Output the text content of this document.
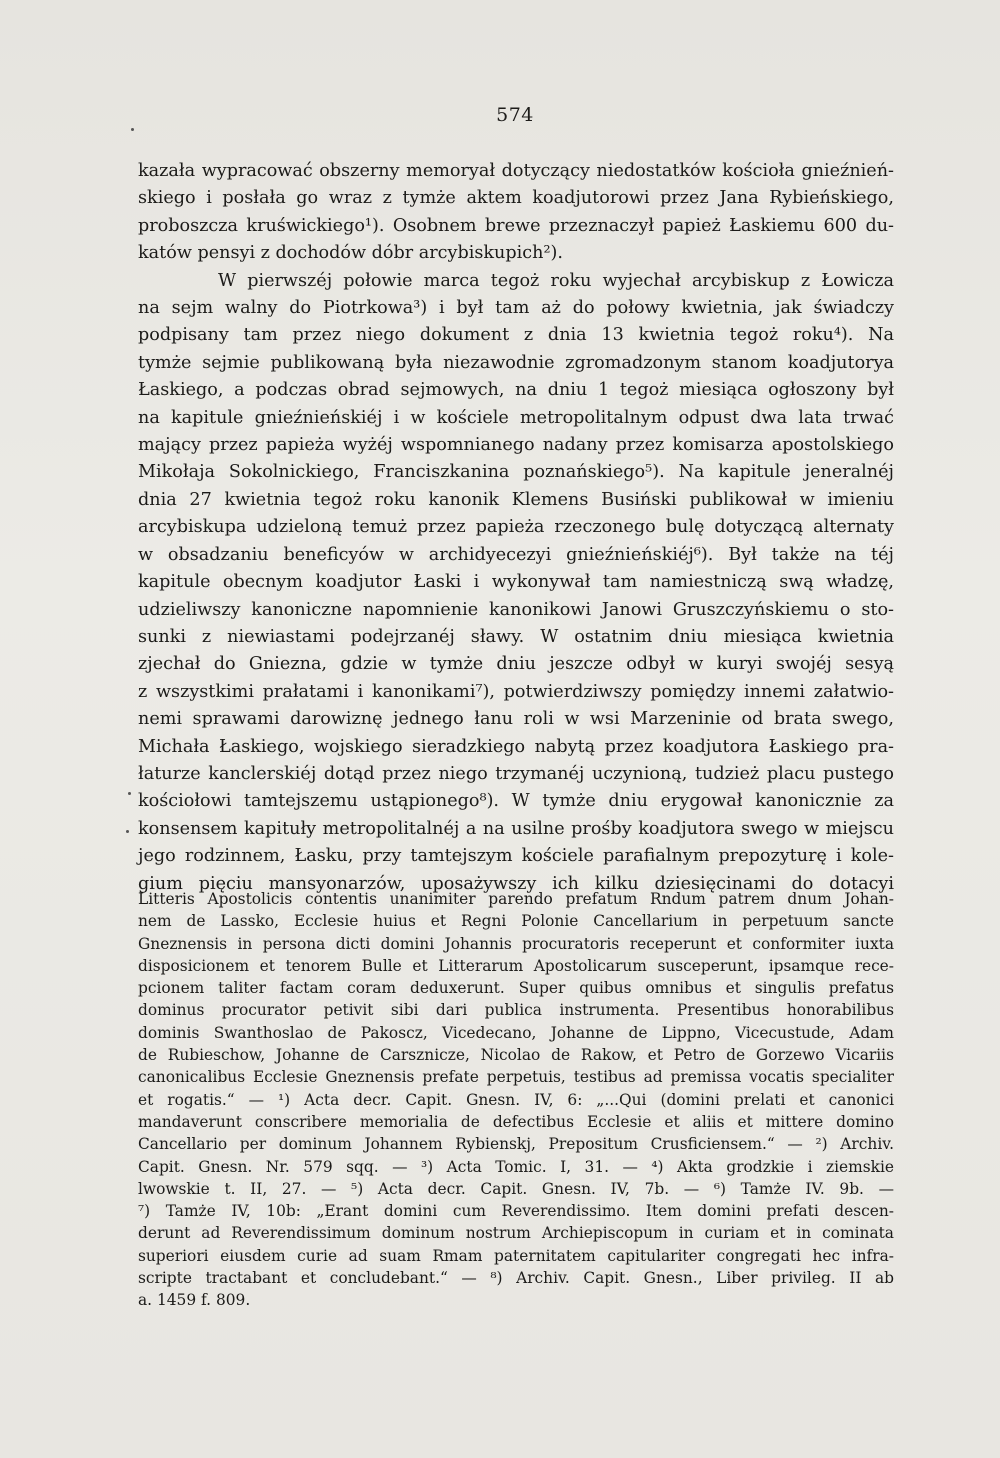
574
kazała wypracować obszerny memoryał dotyczący niedostatków kościoła gnieźnień-
skiego i posłała go wraz z tymże aktem koadjutorowi przez Jana Rybieńskiego,
proboszcza kruświckiego¹). Osobnem brewe przeznaczył papież Łaskiemu 600 du-
katów pensyi z dochodów dóbr arcybiskupich²).
W pierwszéj połowie marca tegoż roku wyjechał arcybiskup z Łowicza
na sejm walny do Piotrkowa³) i był tam aż do połowy kwietnia, jak świadczy
podpisany tam przez niego dokument z dnia 13 kwietnia tegoż roku⁴). Na
tymże sejmie publikowaną była niezawodnie zgromadzonym stanom koadjutorya
Łaskiego, a podczas obrad sejmowych, na dniu 1 tegoż miesiąca ogłoszony był
na kapitule gnieźnieńskiéj i w kościele metropolitalnym odpust dwa lata trwać
mający przez papieża wyżéj wspomnianego nadany przez komisarza apostolskiego
Mikołaja Sokolnickiego, Franciszkanina poznańskiego⁵). Na kapitule jeneralnéj
dnia 27 kwietnia tegoż roku kanonik Klemens Busiński publikował w imieniu
arcybiskupa udzieloną temuż przez papieża rzeczonego bulę dotyczącą alternaty
w obsadzaniu beneficyów w archidyecezyi gnieźnieńskiéj⁶). Był także na téj
kapitule obecnym koadjutor Łaski i wykonywał tam namiestniczą swą władzę,
udzieliwszy kanoniczne napomnienie kanonikowi Janowi Gruszczyńskiemu o sto-
sunki z niewiastami podejrzanéj sławy. W ostatnim dniu miesiąca kwietnia
zjechał do Gniezna, gdzie w tymże dniu jeszcze odbył w kuryi swojéj sesyą
z wszystkimi prałatami i kanonikami⁷), potwierdziwszy pomiędzy innemi załatwio-
nemi sprawami darowiznę jednego łanu roli w wsi Marzeninie od brata swego,
Michała Łaskiego, wojskiego sieradzkiego nabytą przez koadjutora Łaskiego pra-
łaturze kanclerskiéj dotąd przez niego trzymanéj uczynioną, tudzież placu pustego
kościołowi tamtejszemu ustąpionego⁸). W tymże dniu erygował kanonicznie za
konsensem kapituły metropolitalnéj a na usilne prośby koadjutora swego w miejscu
jego rodzinnem, Łasku, przy tamtejszym kościele parafialnym prepozyturę i kole-
gium pięciu mansyonarzów, uposażywszy ich kilku dziesięcinami do dotacyi
Litteris Apostolicis contentis unanimiter parendo prefatum Rndum patrem dnum Johan-
nem de Lassko, Ecclesie huius et Regni Polonie Cancellarium in perpetuum sancte
Gneznensis in persona dicti domini Johannis procuratoris receperunt et conformiter iuxta
disposicionem et tenorem Bulle et Litterarum Apostolicarum susceperunt, ipsamque rece-
pcionem taliter factam coram deduxerunt. Super quibus omnibus et singulis prefatus
dominus procurator petivit sibi dari publica instrumenta. Presentibus honorabilibus
dominis Swanthoslao de Pakoscz, Vicedecano, Johanne de Lippno, Vicecustude, Adam
de Rubieschow, Johanne de Carsznicze, Nicolao de Rakow, et Petro de Gorzewo Vicariis
canonicalibus Ecclesie Gneznensis prefate perpetuis, testibus ad premissa vocatis specialiter
et rogatis.“ — ¹) Acta decr. Capit. Gnesn. IV, 6: „...Qui (domini prelati et canonici
mandaverunt conscribere memorialia de defectibus Ecclesie et aliis et mittere domino
Cancellario per dominum Johannem Rybienskj, Prepositum Crusficiensem.“ — ²) Archiv.
Capit. Gnesn. Nr. 579 sqq. — ³) Acta Tomic. I, 31. — ⁴) Akta grodzkie i ziemskie
lwowskie t. II, 27. — ⁵) Acta decr. Capit. Gnesn. IV, 7b. — ⁶) Tamże IV. 9b. —
⁷) Tamże IV, 10b: „Erant domini cum Reverendissimo. Item domini prefati descen-
derunt ad Reverendissimum dominum nostrum Archiepiscopum in curiam et in cominata
superiori eiusdem curie ad suam Rmam paternitatem capitulariter congregati hec infra-
scripte tractabant et concludebant.“ — ⁸) Archiv. Capit. Gnesn., Liber privileg. II ab
a. 1459 f. 809.
